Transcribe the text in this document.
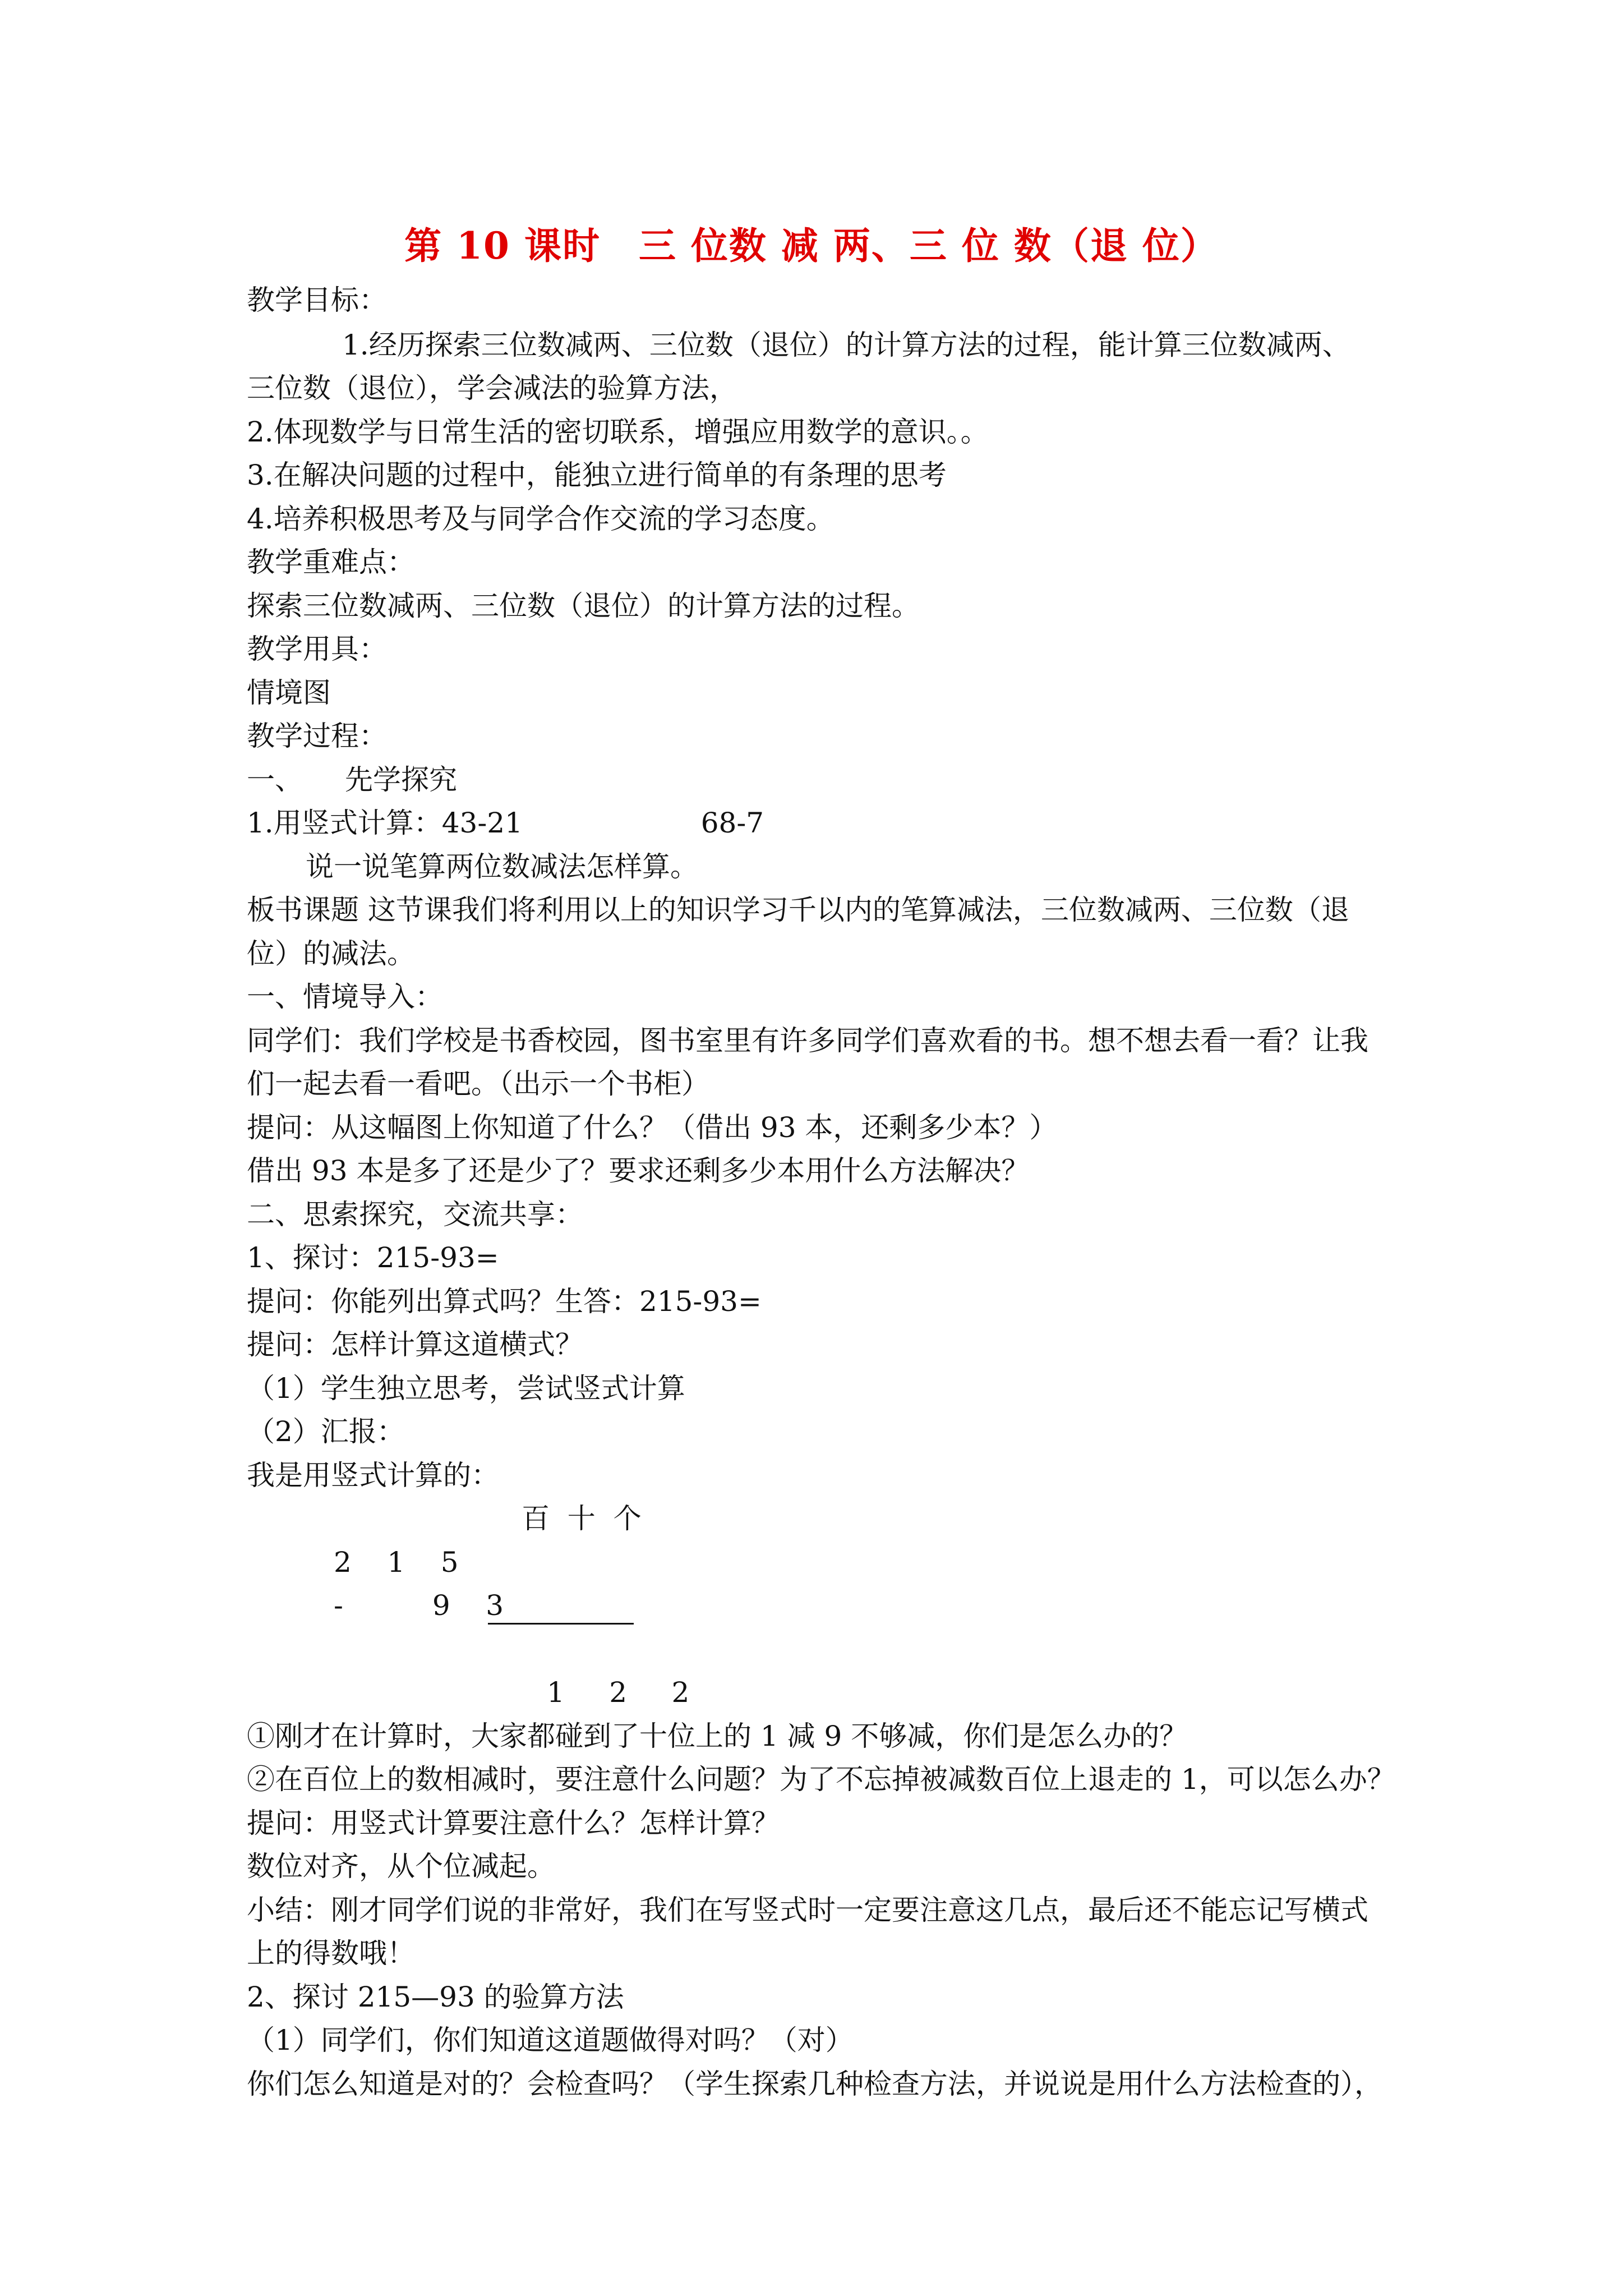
第 10 课时　三 位数 减 两、三 位 数（退 位）
教学目标：
1.经历探索三位数减两、三位数（退位）的计算方法的过程，能计算三位数减两、
三位数（退位），学会减法的验算方法，
2.体现数学与日常生活的密切联系，增强应用数学的意识。。
3.在解决问题的过程中，能独立进行简单的有条理的思考
4.培养积极思考及与同学合作交流的学习态度。
教学重难点：
探索三位数减两、三位数（退位）的计算方法的过程。
教学用具：
情境图
教学过程：
一、　　先学探究
1.用竖式计算：43-21                    68-7
说一说笔算两位数减法怎样算。
板书课题 这节课我们将利用以上的知识学习千以内的笔算减法，三位数减两、三位数（退
位）的减法。
一、情境导入：
同学们：我们学校是书香校园，图书室里有许多同学们喜欢看的书。想不想去看一看？让我
们一起去看一看吧。（出示一个书柜）
提问：从这幅图上你知道了什么？（借出 93 本，还剩多少本？）
借出 93 本是多了还是少了？要求还剩多少本用什么方法解决？
二、思索探究，交流共享：
1、探讨：215-93=
提问：你能列出算式吗？生答：215-93=
提问：怎样计算这道横式？
（1）学生独立思考，尝试竖式计算
（2）汇报：
我是用竖式计算的：
百  十  个
2    1    5
-          9    3
1     2     2
①刚才在计算时，大家都碰到了十位上的 1 减 9 不够减，你们是怎么办的？
②在百位上的数相减时，要注意什么问题？为了不忘掉被减数百位上退走的 1，可以怎么办？
提问：用竖式计算要注意什么？怎样计算？
数位对齐，从个位减起。
小结：刚才同学们说的非常好，我们在写竖式时一定要注意这几点，最后还不能忘记写横式
上的得数哦！
2、探讨 215—93 的验算方法
（1）同学们，你们知道这道题做得对吗？（对）
你们怎么知道是对的？会检查吗？（学生探索几种检查方法，并说说是用什么方法检查的），
